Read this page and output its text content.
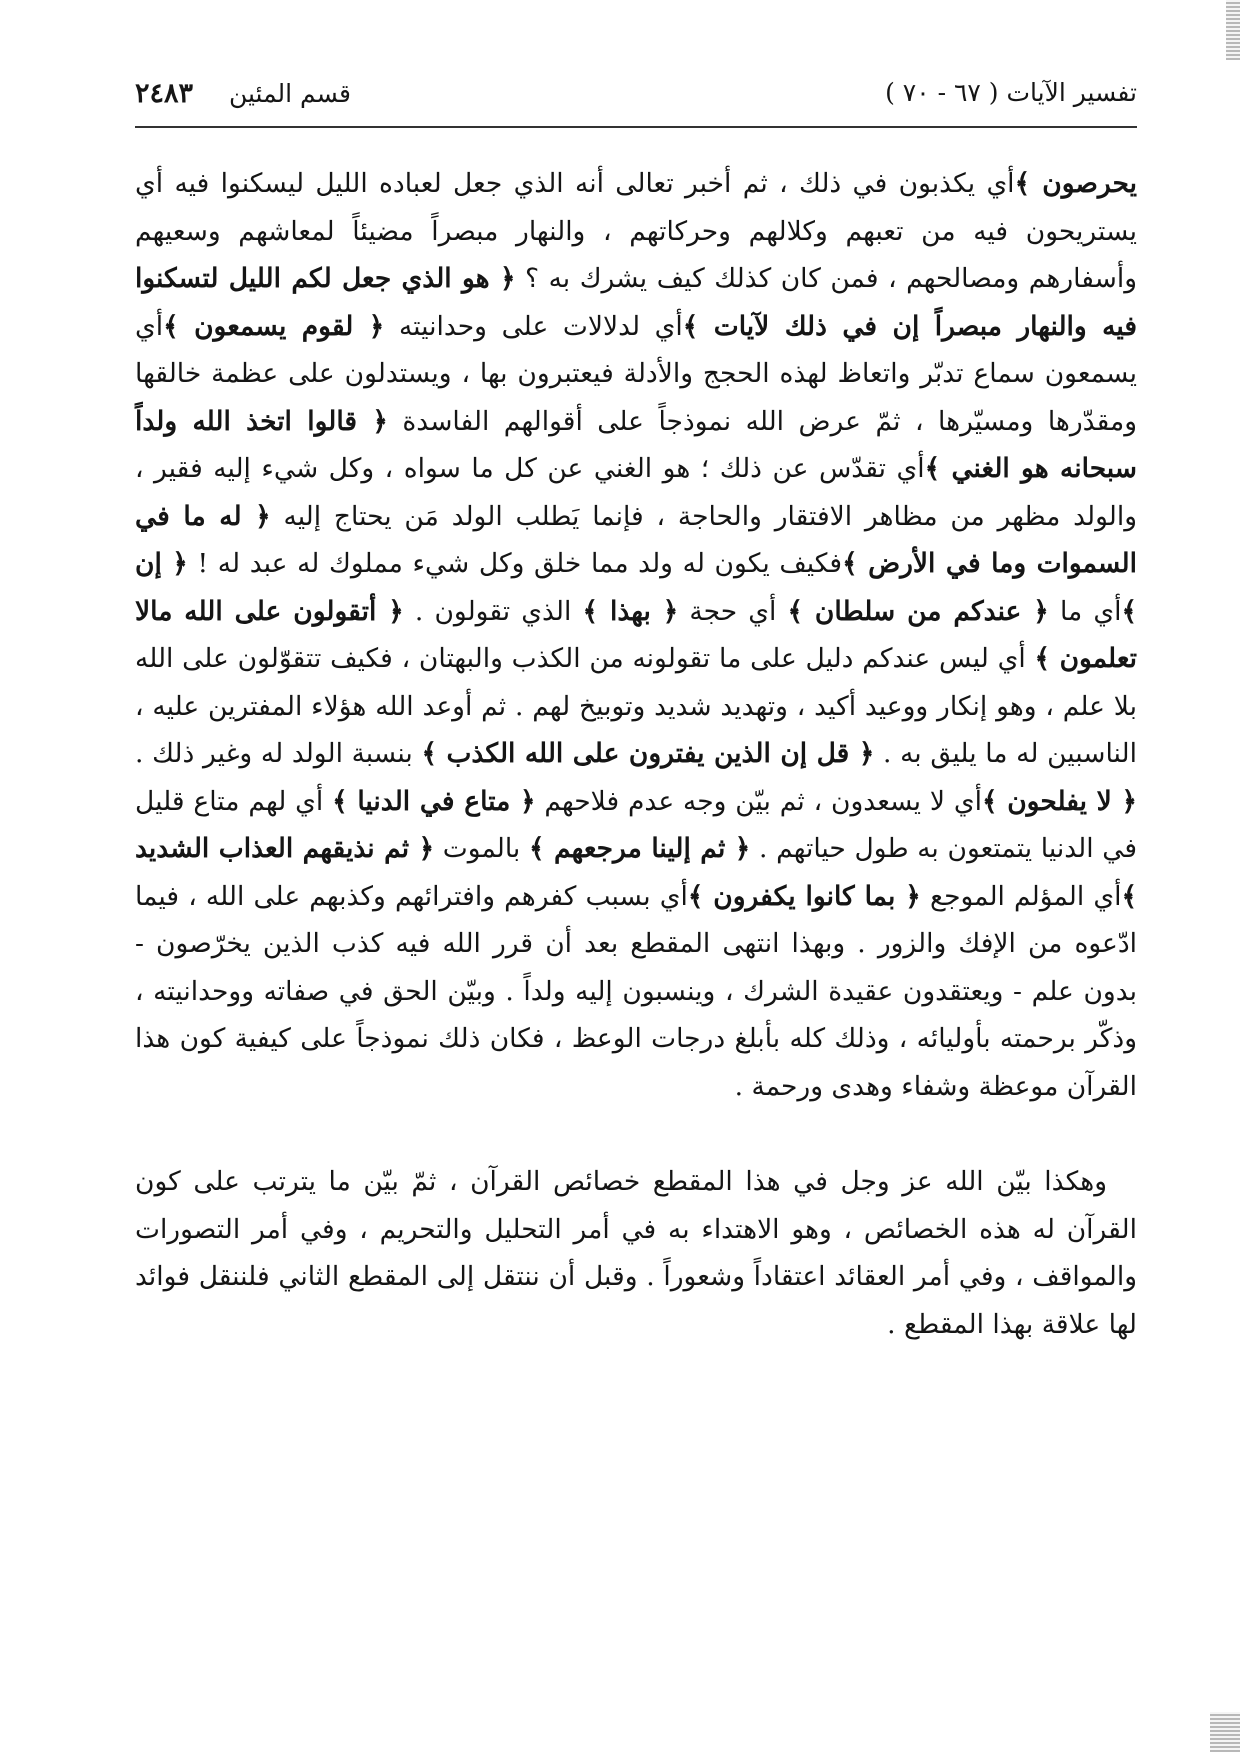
تفسير الآيات ( ٦٧ - ٧٠ )
قسم المئين ٢٤٨٣

يحرصون ﴾أي يكذبون في ذلك ، ثم أخبر تعالى أنه الذي جعل لعباده الليل ليسكنوا فيه أي يستريحون فيه من تعبهم وكلالهم وحركاتهم ، والنهار مبصراً مضيئاً لمعاشهم وسعيهم وأسفارهم ومصالحهم ، فمن كان كذلك كيف يشرك به ؟ ﴿ هو الذي جعل لكم الليل لتسكنوا فيه والنهار مبصراً إن في ذلك لآيات ﴾أي لدلالات على وحدانيته ﴿ لقوم يسمعون ﴾أي يسمعون سماع تدبّر واتعاظ لهذه الحجج والأدلة فيعتبرون بها ، ويستدلون على عظمة خالقها ومقدّرها ومسيّرها ، ثمّ عرض الله نموذجاً على أقوالهم الفاسدة ﴿ قالوا اتخذ الله ولداً سبحانه هو الغني ﴾أي تقدّس عن ذلك ؛ هو الغني عن كل ما سواه ، وكل شيء إليه فقير ، والولد مظهر من مظاهر الافتقار والحاجة ، فإنما يَطلب الولد مَن يحتاج إليه ﴿ له ما في السموات وما في الأرض ﴾فكيف يكون له ولد مما خلق وكل شيء مملوك له عبد له ! ﴿ إن ﴾أي ما ﴿ عندكم من سلطان ﴾ أي حجة ﴿ بهذا ﴾ الذي تقولون . ﴿ أتقولون على الله مالا تعلمون ﴾ أي ليس عندكم دليل على ما تقولونه من الكذب والبهتان ، فكيف تتقوّلون على الله بلا علم ، وهو إنكار ووعيد أكيد ، وتهديد شديد وتوبيخ لهم . ثم أوعد الله هؤلاء المفترين عليه ، الناسبين له ما يليق به . ﴿ قل إن الذين يفترون على الله الكذب ﴾ بنسبة الولد له وغير ذلك . ﴿ لا يفلحون ﴾أي لا يسعدون ، ثم بيّن وجه عدم فلاحهم ﴿ متاع في الدنيا ﴾ أي لهم متاع قليل في الدنيا يتمتعون به طول حياتهم . ﴿ ثم إلينا مرجعهم ﴾ بالموت ﴿ ثم نذيقهم العذاب الشديد ﴾أي المؤلم الموجع ﴿ بما كانوا يكفرون ﴾أي بسبب كفرهم وافترائهم وكذبهم على الله ، فيما ادّعوه من الإفك والزور . وبهذا انتهى المقطع بعد أن قرر الله فيه كذب الذين يخرّصون - بدون علم - ويعتقدون عقيدة الشرك ، وينسبون إليه ولداً . وبيّن الحق في صفاته ووحدانيته ، وذكّر برحمته بأوليائه ، وذلك كله بأبلغ درجات الوعظ ، فكان ذلك نموذجاً على كيفية كون هذا القرآن موعظة وشفاء وهدى ورحمة .

وهكذا بيّن الله عز وجل في هذا المقطع خصائص القرآن ، ثمّ بيّن ما يترتب على كون القرآن له هذه الخصائص ، وهو الاهتداء به في أمر التحليل والتحريم ، وفي أمر التصورات والمواقف ، وفي أمر العقائد اعتقاداً وشعوراً . وقبل أن ننتقل إلى المقطع الثاني فلننقل فوائد لها علاقة بهذا المقطع .
